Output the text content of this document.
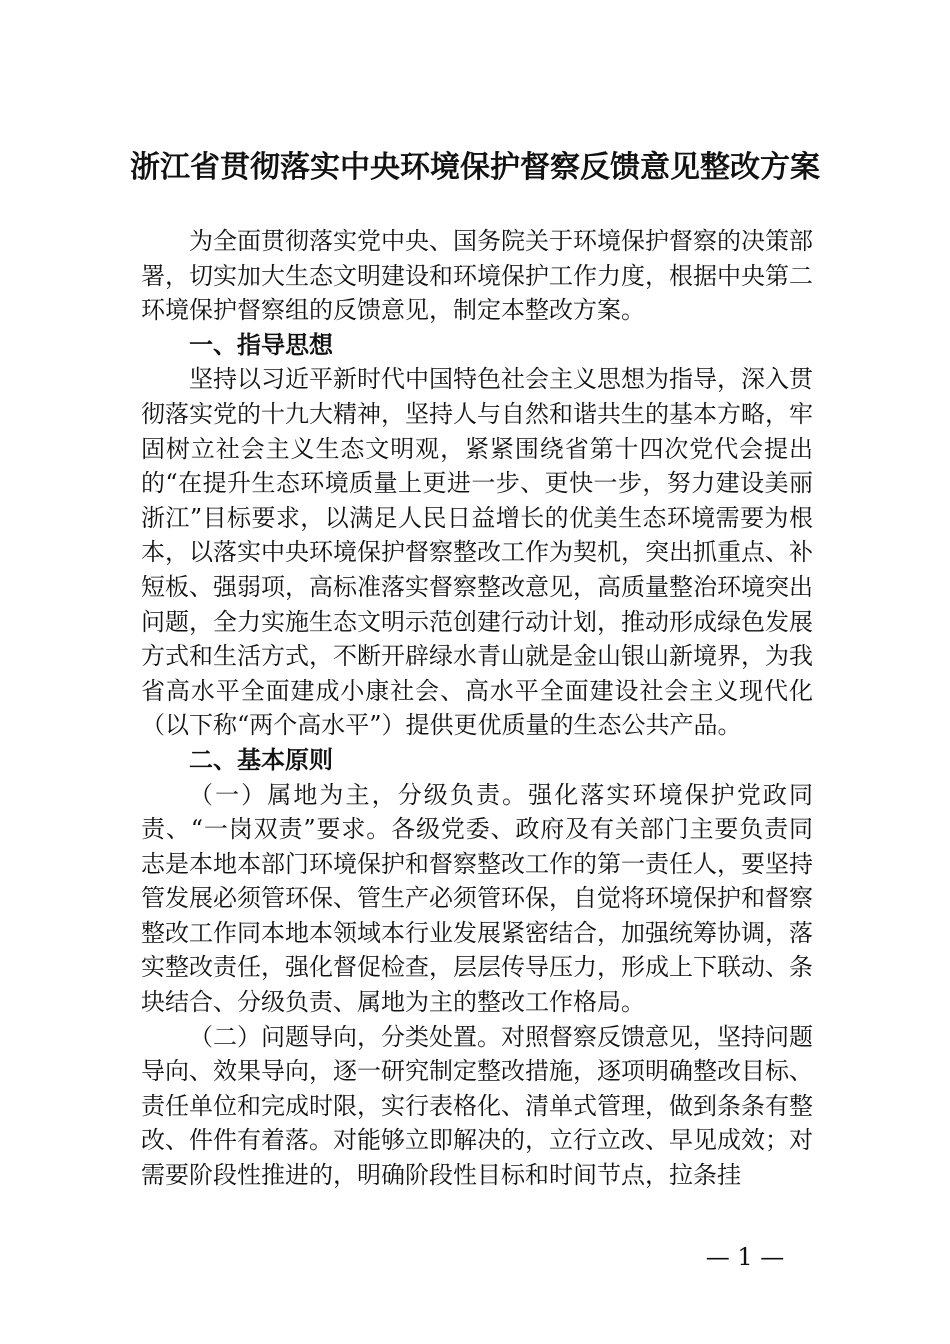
浙江省贯彻落实中央环境保护督察反馈意见整改方案

为全面贯彻落实党中央、国务院关于环境保护督察的决策部署，切实加大生态文明建设和环境保护工作力度，根据中央第二环境保护督察组的反馈意见，制定本整改方案。

一、指导思想

坚持以习近平新时代中国特色社会主义思想为指导，深入贯彻落实党的十九大精神，坚持人与自然和谐共生的基本方略，牢固树立社会主义生态文明观，紧紧围绕省第十四次党代会提出的“在提升生态环境质量上更进一步、更快一步，努力建设美丽浙江”目标要求，以满足人民日益增长的优美生态环境需要为根本，以落实中央环境保护督察整改工作为契机，突出抓重点、补短板、强弱项，高标准落实督察整改意见，高质量整治环境突出问题，全力实施生态文明示范创建行动计划，推动形成绿色发展方式和生活方式，不断开辟绿水青山就是金山银山新境界，为我省高水平全面建成小康社会、高水平全面建设社会主义现代化（以下称“两个高水平”）提供更优质量的生态公共产品。

二、基本原则

（一）属地为主，分级负责。强化落实环境保护党政同责、“一岗双责”要求。各级党委、政府及有关部门主要负责同志是本地本部门环境保护和督察整改工作的第一责任人，要坚持管发展必须管环保、管生产必须管环保，自觉将环境保护和督察整改工作同本地本领域本行业发展紧密结合，加强统筹协调，落实整改责任，强化督促检查，层层传导压力，形成上下联动、条块结合、分级负责、属地为主的整改工作格局。

（二）问题导向，分类处置。对照督察反馈意见，坚持问题导向、效果导向，逐一研究制定整改措施，逐项明确整改目标、责任单位和完成时限，实行表格化、清单式管理，做到条条有整改、件件有着落。对能够立即解决的，立行立改、早见成效；对需要阶段性推进的，明确阶段性目标和时间节点，拉条挂

— 1 —
